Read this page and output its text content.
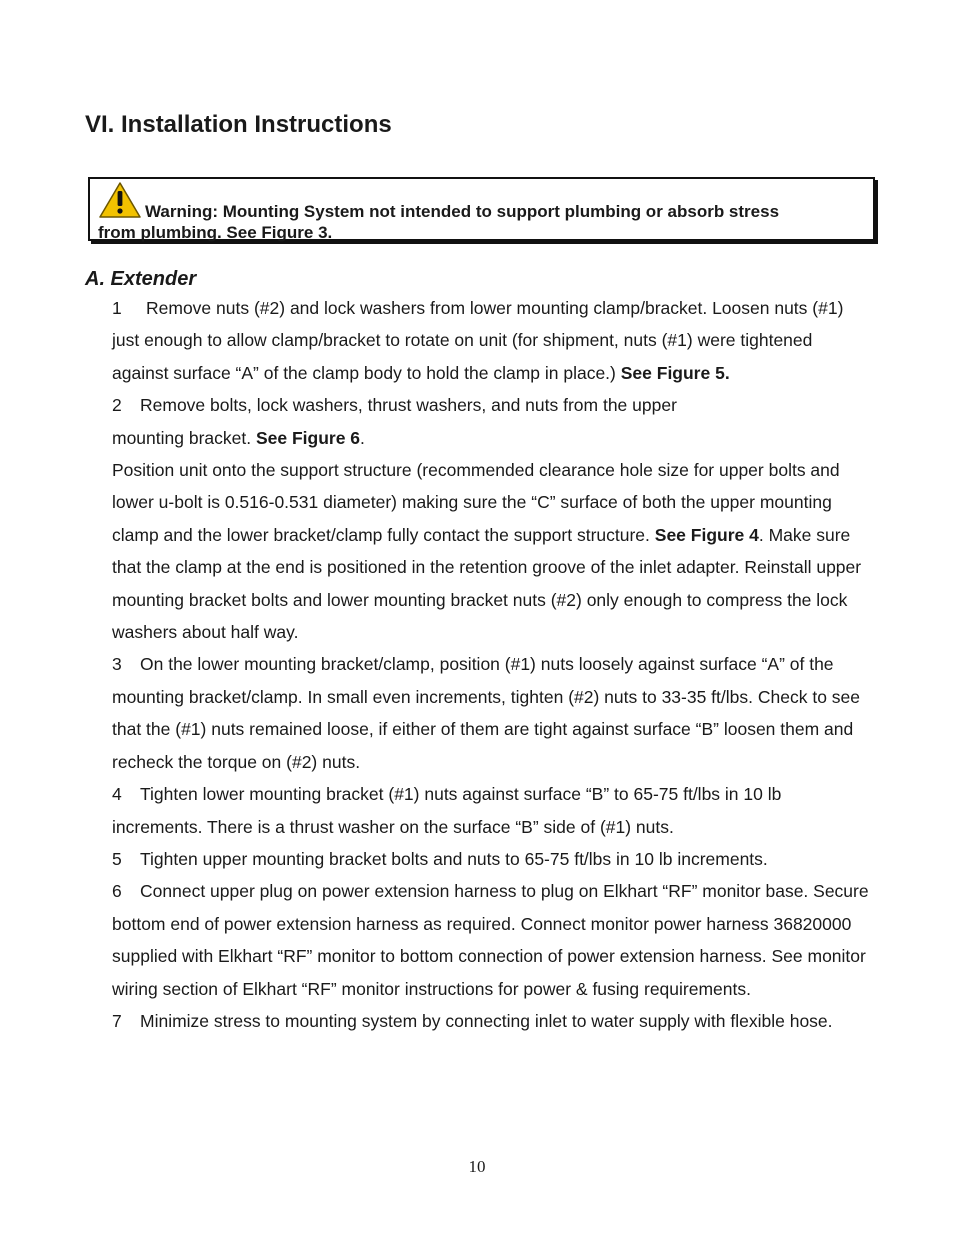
VI. Installation Instructions
Warning: Mounting System not intended to support plumbing or absorb stress
from plumbing. See Figure 3.
A. Extender

1 Remove nuts (#2) and lock washers from lower mounting clamp/bracket. Loosen nuts (#1) just enough to allow clamp/bracket to rotate on unit (for shipment, nuts (#1) were tightened against surface “A” of the clamp body to hold the clamp in place.) See Figure 5.

2 Remove bolts, lock washers, thrust washers, and nuts from the upper
mounting bracket. See Figure 6.

Position unit onto the support structure (recommended clearance hole size for upper bolts and lower u-bolt is 0.516-0.531 diameter) making sure the “C” surface of both the upper mounting clamp and the lower bracket/clamp fully contact the support structure. See Figure 4. Make sure that the clamp at the end is positioned in the retention groove of the inlet adapter. Reinstall upper mounting bracket bolts and lower mounting bracket nuts (#2) only enough to compress the lock washers about half way.

3 On the lower mounting bracket/clamp, position (#1) nuts loosely against surface “A” of the mounting bracket/clamp. In small even increments, tighten (#2) nuts to 33-35 ft/lbs. Check to see that the (#1) nuts remained loose, if either of them are tight against surface “B” loosen them and recheck the torque on (#2) nuts.

4 Tighten lower mounting bracket (#1) nuts against surface “B” to 65-75 ft/lbs in 10 lb increments. There is a thrust washer on the surface “B” side of (#1) nuts.

5 Tighten upper mounting bracket bolts and nuts to 65-75 ft/lbs in 10 lb increments.

6 Connect upper plug on power extension harness to plug on Elkhart “RF” monitor base. Secure bottom end of power extension harness as required. Connect monitor power harness 36820000 supplied with Elkhart “RF” monitor to bottom connection of power extension harness. See monitor wiring section of Elkhart “RF” monitor instructions for power & fusing requirements.

7 Minimize stress to mounting system by connecting inlet to water supply with flexible hose.

10
